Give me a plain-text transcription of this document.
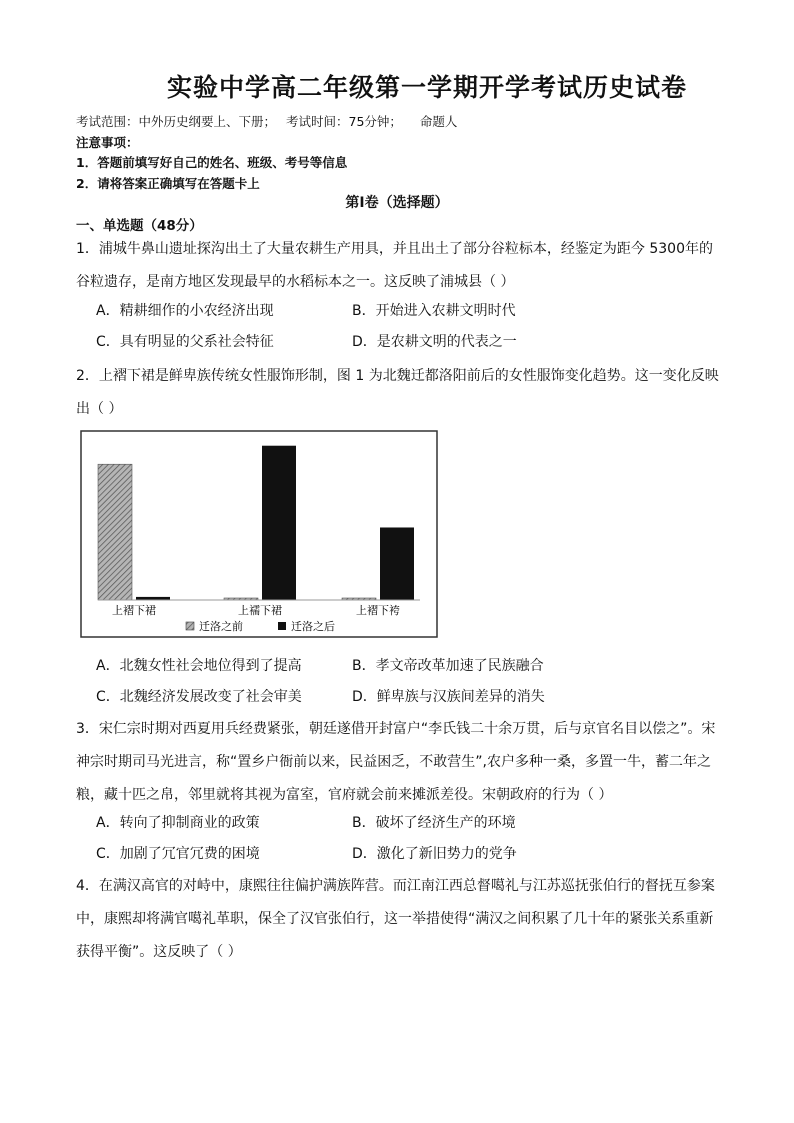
实验中学高二年级第一学期开学考试历史试卷
考试范围：中外历史纲要上、下册； 考试时间：75分钟； 命题人
注意事项：
1．答题前填写好自己的姓名、班级、考号等信息
2．请将答案正确填写在答题卡上
第I卷（选择题）
一、单选题（48分）
1．浦城牛鼻山遗址探沟出土了大量农耕生产用具，并且出土了部分谷粒标本，经鉴定为距今 5300年的谷粒遗存，是南方地区发现最早的水稻标本之一。这反映了浦城县（ ）
A．精耕细作的小农经济出现	B．开始进入农耕文明时代
C．具有明显的父系社会特征	D．是农耕文明的代表之一
2．上褶下裙是鲜卑族传统女性服饰形制，图 1 为北魏迁都洛阳前后的女性服饰变化趋势。这一变化反映出（ ）
上褶下裙	上襦下裙	上褶下袴
迁洛之前	迁洛之后
A．北魏女性社会地位得到了提高	B．孝文帝改革加速了民族融合
C．北魏经济发展改变了社会审美	D．鲜卑族与汉族间差异的消失
3．宋仁宗时期对西夏用兵经费紧张，朝廷遂借开封富户“李氏钱二十余万贯，后与京官名目以偿之”。宋神宗时期司马光进言，称“置乡户衙前以来，民益困乏，不敢营生”,农户多种一桑，多置一牛，蓄二年之粮，藏十匹之帛，邻里就将其视为富室，官府就会前来摊派差役。宋朝政府的行为（ ）
A．转向了抑制商业的政策	B．破坏了经济生产的环境
C．加剧了冗官冗费的困境	D．激化了新旧势力的党争
4．在满汉高官的对峙中，康熙往往偏护满族阵营。而江南江西总督噶礼与江苏巡抚张伯行的督抚互参案中，康熙却将满官噶礼革职，保全了汉官张伯行，这一举措使得“满汉之间积累了几十年的紧张关系重新获得平衡”。这反映了（ ）
